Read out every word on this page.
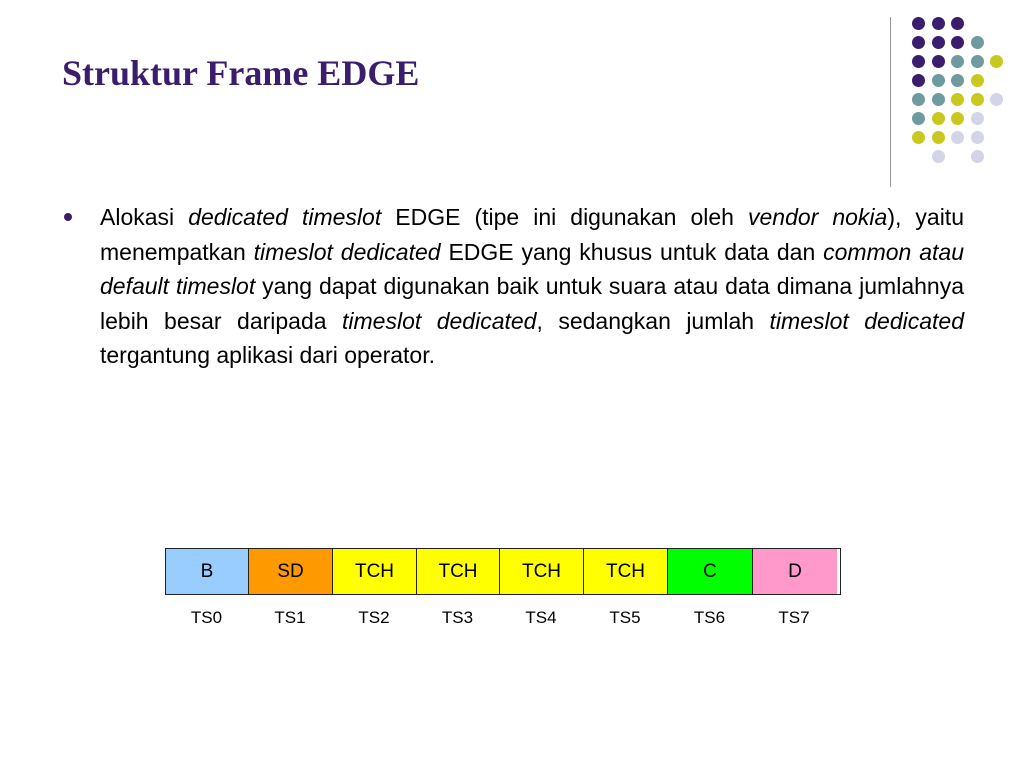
Struktur Frame EDGE
Alokasi dedicated timeslot EDGE (tipe ini digunakan oleh vendor nokia), yaitu menempatkan timeslot dedicated EDGE yang khusus untuk data dan common atau default timeslot yang dapat digunakan baik untuk suara atau data dimana jumlahnya lebih besar daripada timeslot dedicated, sedangkan jumlah timeslot dedicated tergantung aplikasi dari operator.
B	SD	TCH	TCH	TCH	TCH	C	D
TS0	TS1	TS2	TS3	TS4	TS5	TS6	TS7
